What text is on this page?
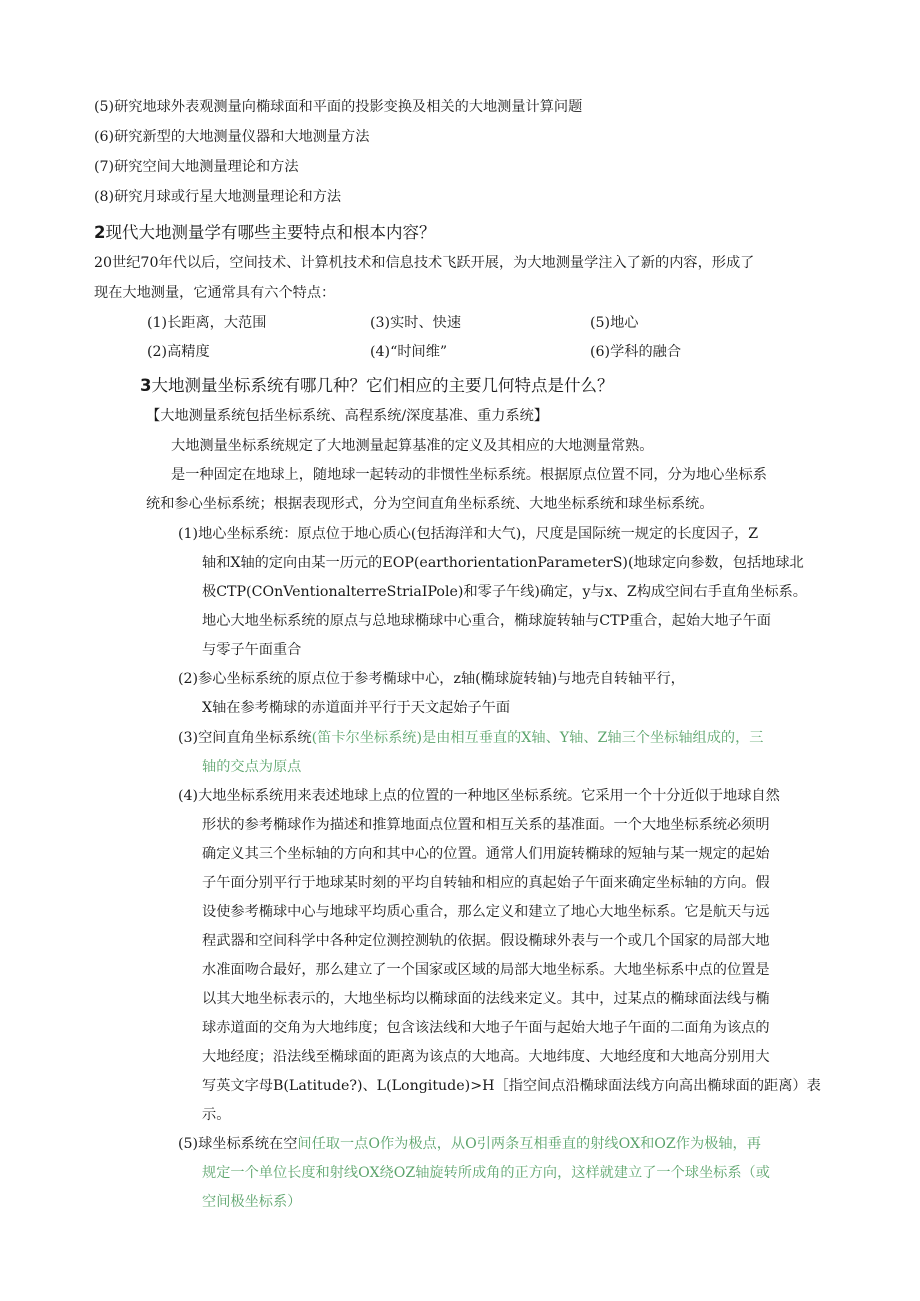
(5)研究地球外表观测量向椭球面和平面的投影变换及相关的大地测量计算问题
(6)研究新型的大地测量仪器和大地测量方法
(7)研究空间大地测量理论和方法
(8)研究月球或行星大地测量理论和方法
2现代大地测量学有哪些主要特点和根本内容？
20世纪70年代以后，空间技术、计算机技术和信息技术飞跃开展，为大地测量学注入了新的内容，形成了
现在大地测量，它通常具有六个特点：
(1)长距离，大范围	(3)实时、快速	(5)地心
(2)高精度	(4)“时间维”	(6)学科的融合
3大地测量坐标系统有哪几种？它们相应的主要几何特点是什么？
【大地测量系统包括坐标系统、高程系统/深度基准、重力系统】
大地测量坐标系统规定了大地测量起算基准的定义及其相应的大地测量常熟。
是一种固定在地球上，随地球一起转动的非惯性坐标系统。根据原点位置不同，分为地心坐标系
统和参心坐标系统；根据表现形式，分为空间直角坐标系统、大地坐标系统和球坐标系统。
(1)地心坐标系统：原点位于地心质心(包括海洋和大气)，尺度是国际统一规定的长度因子，Z
轴和X轴的定向由某一历元的EOP(earthorientationParameterS)(地球定向参数，包括地球北
极CTP(COnVentionalterreStriaIPole)和零子午线)确定，y与x、Z构成空间右手直角坐标系。
地心大地坐标系统的原点与总地球椭球中心重合，椭球旋转轴与CTP重合，起始大地子午面
与零子午面重合
(2)参心坐标系统的原点位于参考椭球中心，z轴(椭球旋转轴)与地壳自转轴平行，
X轴在参考椭球的赤道面并平行于天文起始子午面
(3)空间直角坐标系统(笛卡尔坐标系统)是由相互垂直的X轴、Y轴、Z轴三个坐标轴组成的，三
轴的交点为原点
(4)大地坐标系统用来表述地球上点的位置的一种地区坐标系统。它采用一个十分近似于地球自然
形状的参考椭球作为描述和推算地面点位置和相互关系的基准面。一个大地坐标系统必须明
确定义其三个坐标轴的方向和其中心的位置。通常人们用旋转椭球的短轴与某一规定的起始
子午面分别平行于地球某时刻的平均自转轴和相应的真起始子午面来确定坐标轴的方向。假
设使参考椭球中心与地球平均质心重合，那么定义和建立了地心大地坐标系。它是航天与远
程武器和空间科学中各种定位测控测轨的依据。假设椭球外表与一个或几个国家的局部大地
水准面吻合最好，那么建立了一个国家或区域的局部大地坐标系。大地坐标系中点的位置是
以其大地坐标表示的，大地坐标均以椭球面的法线来定义。其中，过某点的椭球面法线与椭
球赤道面的交角为大地纬度；包含该法线和大地子午面与起始大地子午面的二面角为该点的
大地经度；沿法线至椭球面的距离为该点的大地高。大地纬度、大地经度和大地高分别用大
写英文字母B(Latitude?)、L(Longitude)>H［指空间点沿椭球面法线方向高出椭球面的距离）表
示。
(5)球坐标系统在空间任取一点O作为极点，从O引两条互相垂直的射线OX和OZ作为极轴，再
规定一个单位长度和射线OX绕OZ轴旋转所成角的正方向，这样就建立了一个球坐标系（或
空间极坐标系）
